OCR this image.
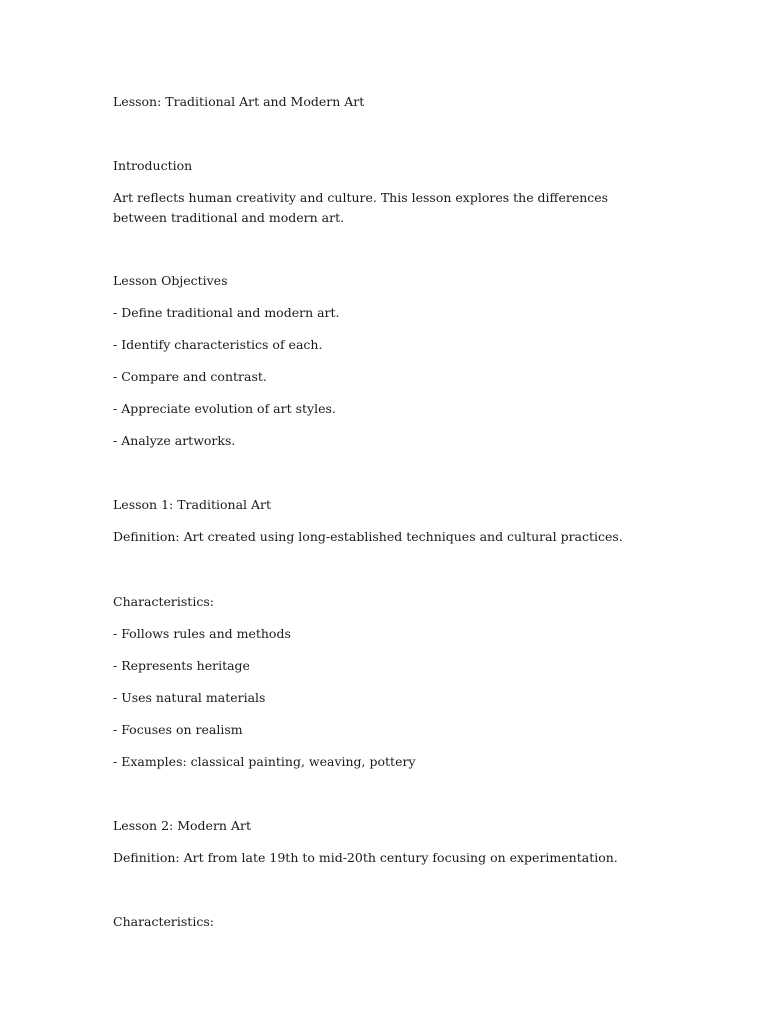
Lesson: Traditional Art and Modern Art
Introduction
Art reflects human creativity and culture. This lesson explores the differences between traditional and modern art.
Lesson Objectives
- Define traditional and modern art.
- Identify characteristics of each.
- Compare and contrast.
- Appreciate evolution of art styles.
- Analyze artworks.
Lesson 1: Traditional Art
Definition: Art created using long-established techniques and cultural practices.
Characteristics:
- Follows rules and methods
- Represents heritage
- Uses natural materials
- Focuses on realism
- Examples: classical painting, weaving, pottery
Lesson 2: Modern Art
Definition: Art from late 19th to mid-20th century focusing on experimentation.
Characteristics:
